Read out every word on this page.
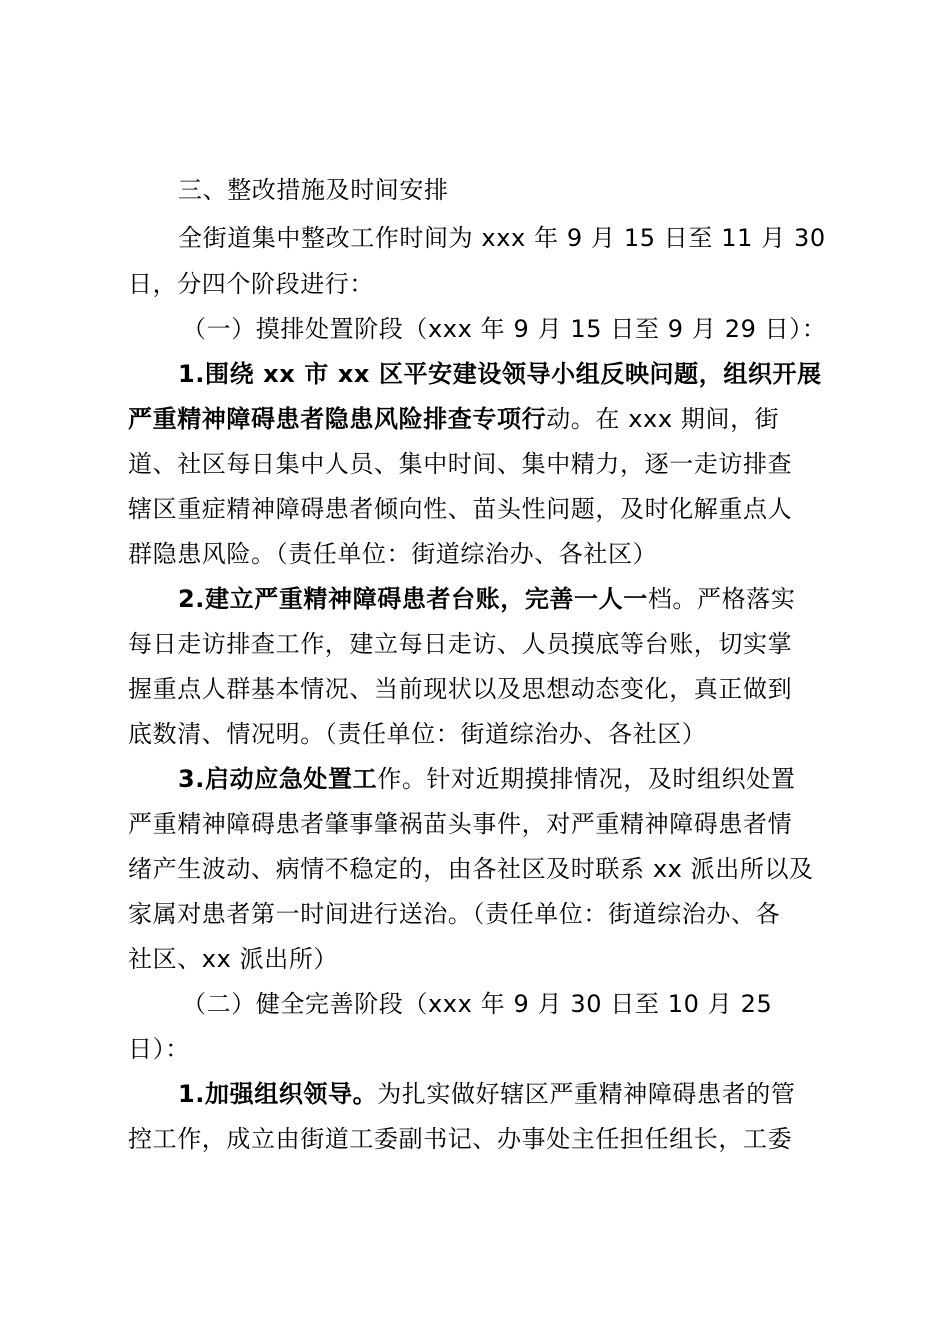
三、整改措施及时间安排
全街道集中整改工作时间为 xxx 年 9 月 15 日至 11 月 30
日，分四个阶段进行：
（一）摸排处置阶段（xxx 年 9 月 15 日至 9 月 29 日）：
1.围绕 xx 市 xx 区平安建设领导小组反映问题，组织开展
严重精神障碍患者隐患风险排查专项行动。在 xxx 期间，街
道、社区每日集中人员、集中时间、集中精力，逐一走访排查
辖区重症精神障碍患者倾向性、苗头性问题，及时化解重点人
群隐患风险。（责任单位：街道综治办、各社区）
2.建立严重精神障碍患者台账，完善一人一档。严格落实
每日走访排查工作，建立每日走访、人员摸底等台账，切实掌
握重点人群基本情况、当前现状以及思想动态变化，真正做到
底数清、情况明。（责任单位：街道综治办、各社区）
3.启动应急处置工作。针对近期摸排情况，及时组织处置
严重精神障碍患者肇事肇祸苗头事件，对严重精神障碍患者情
绪产生波动、病情不稳定的，由各社区及时联系 xx 派出所以及
家属对患者第一时间进行送治。（责任单位：街道综治办、各
社区、xx 派出所）
（二）健全完善阶段（xxx 年 9 月 30 日至 10 月 25
日）：
1.加强组织领导。为扎实做好辖区严重精神障碍患者的管
控工作，成立由街道工委副书记、办事处主任担任组长，工委
